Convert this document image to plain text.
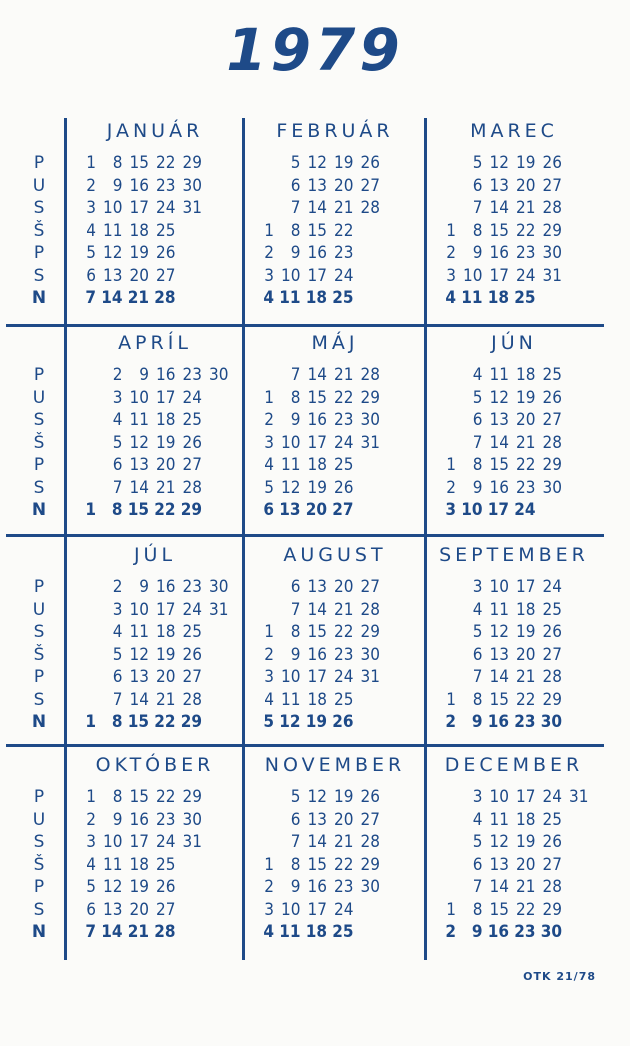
1979
P
U
S
Š
P
S
N
P
U
S
Š
P
S
N
P
U
S
Š
P
S
N
P
U
S
Š
P
S
N
JANUÁR
1
2
3
4
5
6
7
8
9
10
11
12
13
14
15
16
17
18
19
20
21
22
23
24
25
26
27
28
29
30
31
FEBRUÁR
1
2
3
4
5
6
7
8
9
10
11
12
13
14
15
16
17
18
19
20
21
22
23
24
25
26
27
28
MAREC
1
2
3
4
5
6
7
8
9
10
11
12
13
14
15
16
17
18
19
20
21
22
23
24
25
26
27
28
29
30
31
APRÍL
1
2
3
4
5
6
7
8
9
10
11
12
13
14
15
16
17
18
19
20
21
22
23
24
25
26
27
28
29
30
MÁJ
1
2
3
4
5
6
7
8
9
10
11
12
13
14
15
16
17
18
19
20
21
22
23
24
25
26
27
28
29
30
31
JÚN
1
2
3
4
5
6
7
8
9
10
11
12
13
14
15
16
17
18
19
20
21
22
23
24
25
26
27
28
29
30
JÚL
1
2
3
4
5
6
7
8
9
10
11
12
13
14
15
16
17
18
19
20
21
22
23
24
25
26
27
28
29
30
31
AUGUST
1
2
3
4
5
6
7
8
9
10
11
12
13
14
15
16
17
18
19
20
21
22
23
24
25
26
27
28
29
30
31
SEPTEMBER
1
2
3
4
5
6
7
8
9
10
11
12
13
14
15
16
17
18
19
20
21
22
23
24
25
26
27
28
29
30
OKTÓBER
1
2
3
4
5
6
7
8
9
10
11
12
13
14
15
16
17
18
19
20
21
22
23
24
25
26
27
28
29
30
31
NOVEMBER
1
2
3
4
5
6
7
8
9
10
11
12
13
14
15
16
17
18
19
20
21
22
23
24
25
26
27
28
29
30
DECEMBER
1
2
3
4
5
6
7
8
9
10
11
12
13
14
15
16
17
18
19
20
21
22
23
24
25
26
27
28
29
30
31
OTK 21/78
